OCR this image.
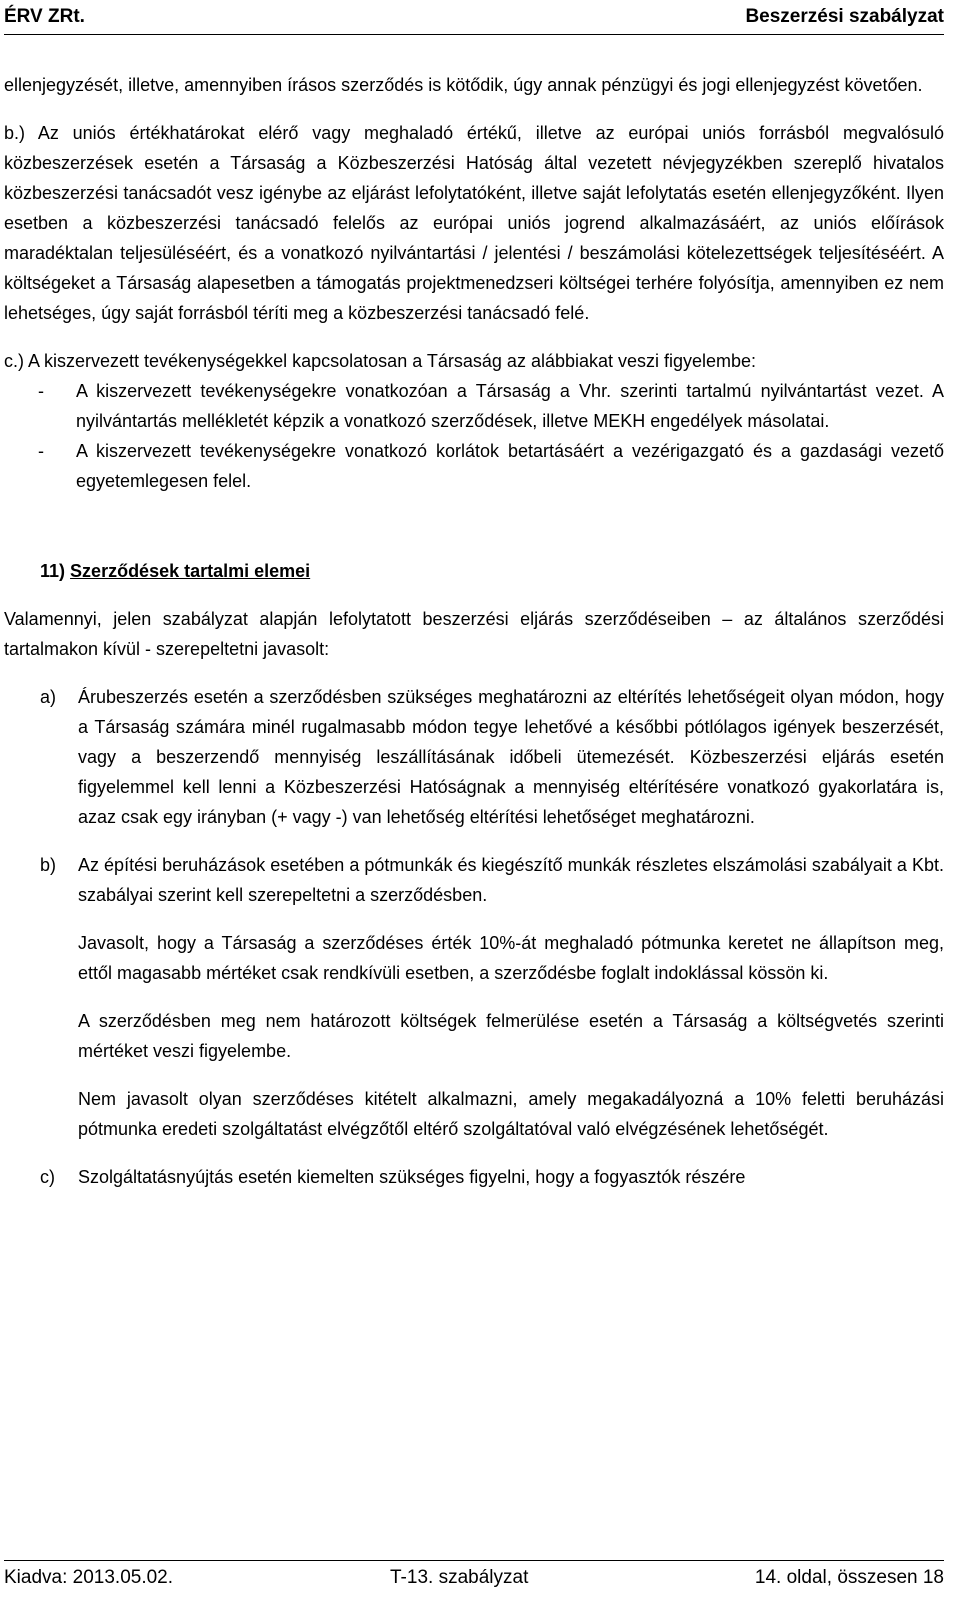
ÉRV ZRt.	Beszerzési szabályzat

ellenjegyzését, illetve, amennyiben írásos szerződés is kötődik, úgy annak pénzügyi és jogi ellenjegyzést követően.

b.) Az uniós értékhatárokat elérő vagy meghaladó értékű, illetve az európai uniós forrásból megvalósuló közbeszerzések esetén a Társaság a Közbeszerzési Hatóság által vezetett névjegyzékben szereplő hivatalos közbeszerzési tanácsadót vesz igénybe az eljárást lefolytatóként, illetve saját lefolytatás esetén ellenjegyzőként. Ilyen esetben a közbeszerzési tanácsadó felelős az európai uniós jogrend alkalmazásáért, az uniós előírások maradéktalan teljesüléséért, és a vonatkozó nyilvántartási / jelentési / beszámolási kötelezettségek teljesítéséért. A költségeket a Társaság alapesetben a támogatás projektmenedzseri költségei terhére folyósítja, amennyiben ez nem lehetséges, úgy saját forrásból téríti meg a közbeszerzési tanácsadó felé.

c.) A kiszervezett tevékenységekkel kapcsolatosan a Társaság az alábbiakat veszi figyelembe:

- A kiszervezett tevékenységekre vonatkozóan a Társaság a Vhr. szerinti tartalmú nyilvántartást vezet. A nyilvántartás mellékletét képzik a vonatkozó szerződések, illetve MEKH engedélyek másolatai.
- A kiszervezett tevékenységekre vonatkozó korlátok betartásáért a vezérigazgató és a gazdasági vezető egyetemlegesen felel.
11) Szerződések tartalmi elemei

Valamennyi, jelen szabályzat alapján lefolytatott beszerzési eljárás szerződéseiben – az általános szerződési tartalmakon kívül - szerepeltetni javasolt:

a) Árubeszerzés esetén a szerződésben szükséges meghatározni az eltérítés lehetőségeit olyan módon, hogy a Társaság számára minél rugalmasabb módon tegye lehetővé a későbbi pótlólagos igények beszerzését, vagy a beszerzendő mennyiség leszállításának időbeli ütemezését. Közbeszerzési eljárás esetén figyelemmel kell lenni a Közbeszerzési Hatóságnak a mennyiség eltérítésére vonatkozó gyakorlatára is, azaz csak egy irányban (+ vagy -) van lehetőség eltérítési lehetőséget meghatározni.
b) Az építési beruházások esetében a pótmunkák és kiegészítő munkák részletes elszámolási szabályait a Kbt. szabályai szerint kell szerepeltetni a szerződésben.

Javasolt, hogy a Társaság a szerződéses érték 10%-át meghaladó pótmunka keretet ne állapítson meg, ettől magasabb mértéket csak rendkívüli esetben, a szerződésbe foglalt indoklással kössön ki.

A szerződésben meg nem határozott költségek felmerülése esetén a Társaság a költségvetés szerinti mértéket veszi figyelembe.

Nem javasolt olyan szerződéses kitételt alkalmazni, amely megakadályozná a 10% feletti beruházási pótmunka eredeti szolgáltatást elvégzőtől eltérő szolgáltatóval való elvégzésének lehetőségét.

c) Szolgáltatásnyújtás esetén kiemelten szükséges figyelni, hogy a fogyasztók részére
Kiadva: 2013.05.02.	T-13. szabályzat	14. oldal, összesen 18
